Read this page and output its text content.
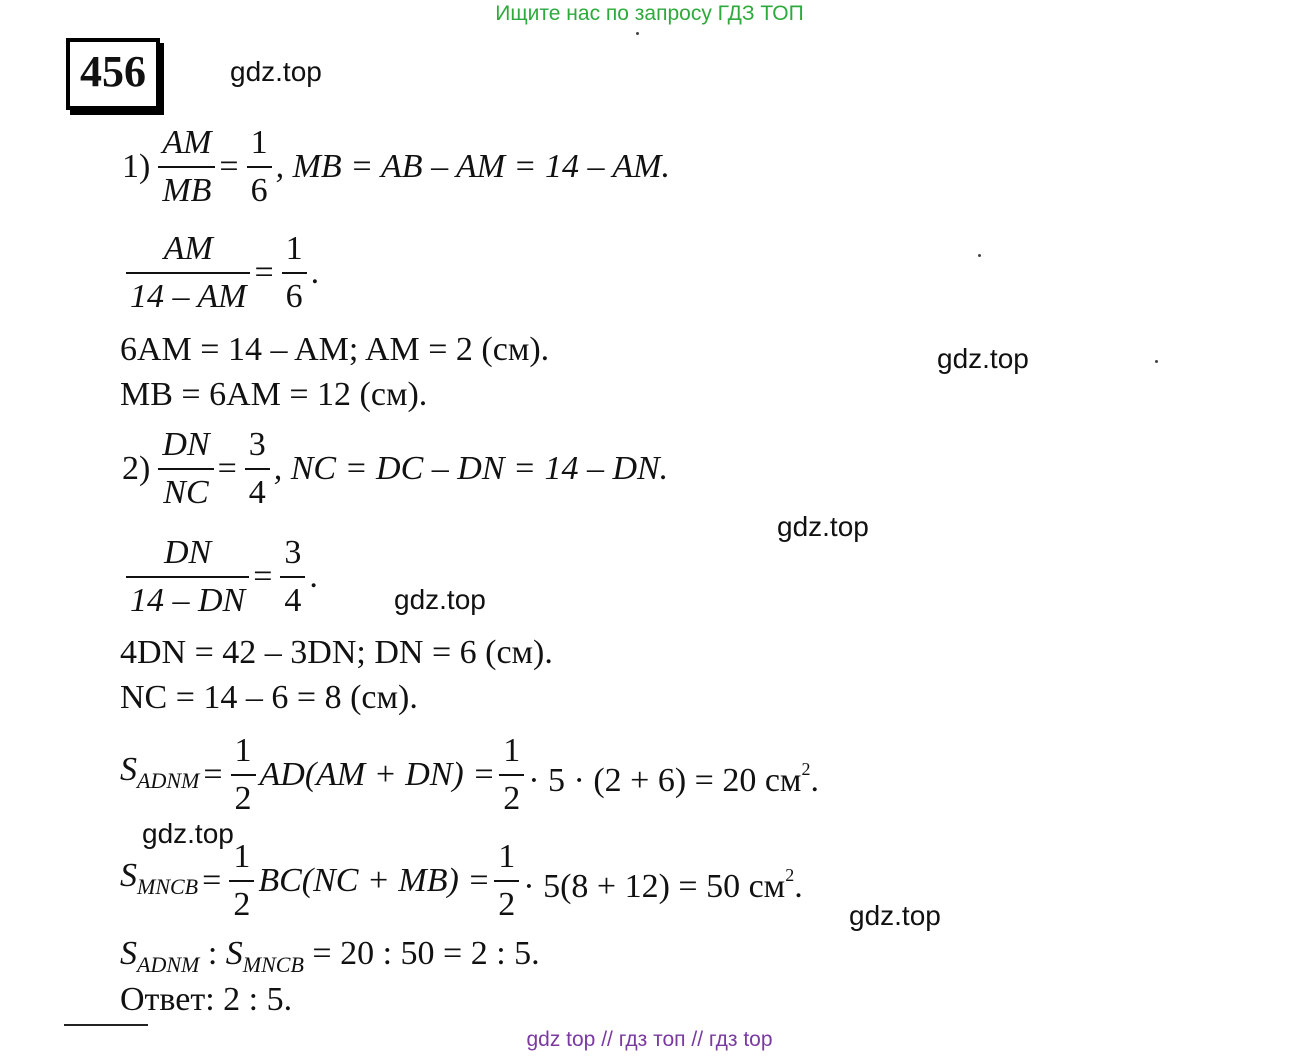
Ищите нас по запросу ГДЗ ТОП
456	gdz.top
gdz.top
gdz.top
gdz.top
gdz.top
gdz.top
$1) \frac{AM}{MB} = \frac{1}{6}$ , MB = AB – AM = 14 – AM.
$\frac{AM}{14 - AM} = \frac{1}{6}$ .
6AM = 14 – AM; AM = 2 (см).
MB = 6AM = 12 (см).
$2) \frac{DN}{NC} = \frac{3}{4}$ , NC = DC – DN = 14 – DN.
$\frac{DN}{14 - DN} = \frac{3}{4}$ .
4DN = 42 – 3DN; DN = 6 (см).
NC = 14 – 6 = 8 (см).
$S_{ADNM} = \frac{1}{2} AD(AM + DN) = \frac{1}{2} \cdot 5 \cdot (2 + 6) = 20$ $см^2$.
$S_{MNCB} = \frac{1}{2} BC(NC + MB) = \frac{1}{2} \cdot 5(8 + 12) = 50$ $см^2$.
$S_{ADNM}$ : $S_{MNCB} = 20$ : 50 = 2 : 5.
Ответ: 2 : 5.
gdz top // гдз топ // гдз top
